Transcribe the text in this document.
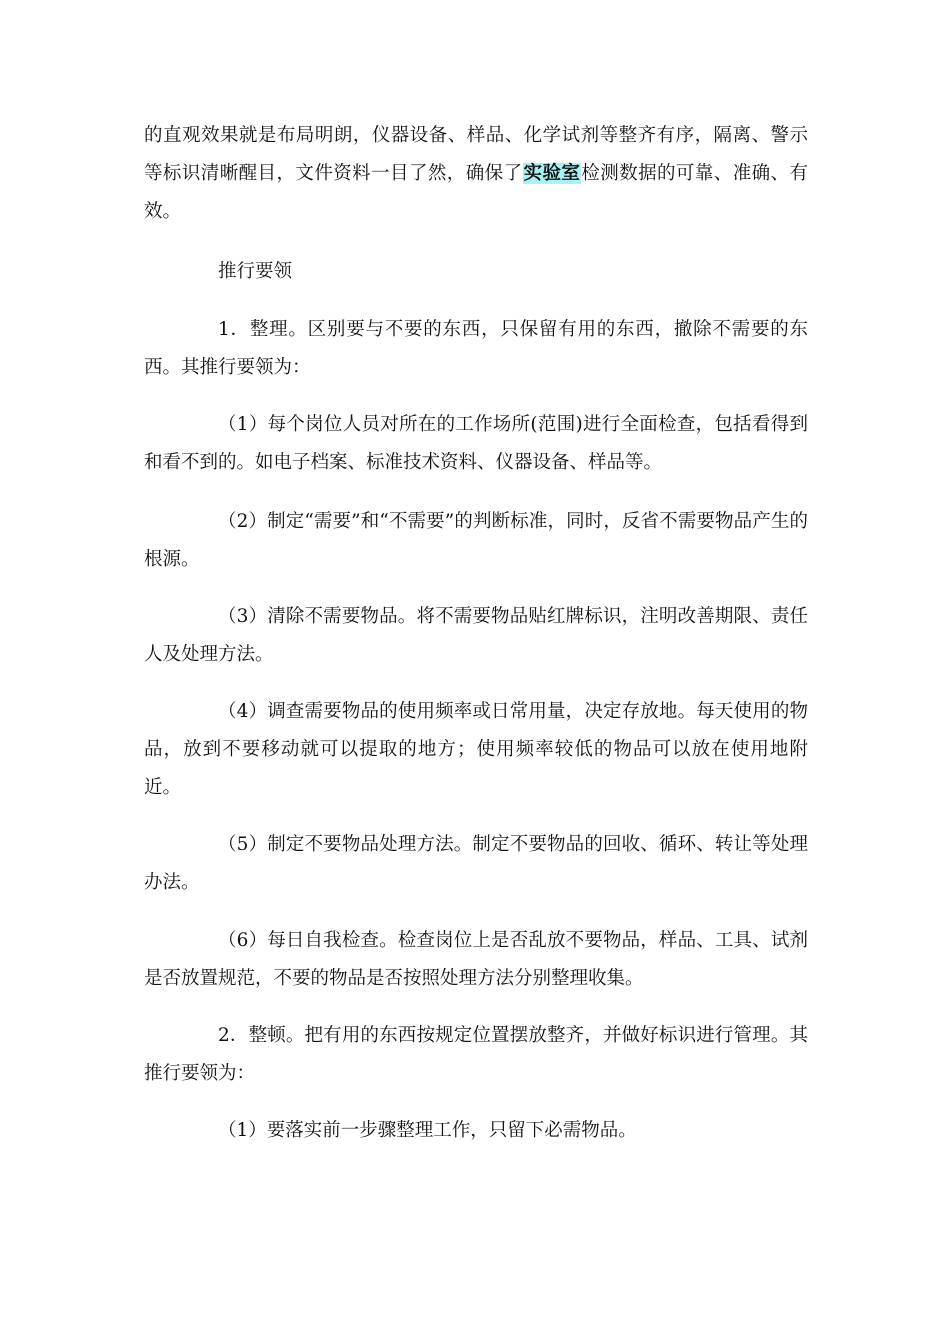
的直观效果就是布局明朗，仪器设备、样品、化学试剂等整齐有序，隔离、警示等标识清晰醒目，文件资料一目了然，确保了实验室检测数据的可靠、准确、有效。

推行要领

1．整理。区别要与不要的东西，只保留有用的东西，撤除不需要的东西。其推行要领为：

（1）每个岗位人员对所在的工作场所(范围)进行全面检查，包括看得到和看不到的。如电子档案、标准技术资料、仪器设备、样品等。

（2）制定“需要”和“不需要”的判断标准，同时，反省不需要物品产生的根源。

（3）清除不需要物品。将不需要物品贴红牌标识，注明改善期限、责任人及处理方法。

（4）调查需要物品的使用频率或日常用量，决定存放地。每天使用的物品，放到不要移动就可以提取的地方；使用频率较低的物品可以放在使用地附近。

（5）制定不要物品处理方法。制定不要物品的回收、循环、转让等处理办法。

（6）每日自我检查。检查岗位上是否乱放不要物品，样品、工具、试剂是否放置规范，不要的物品是否按照处理方法分别整理收集。

2．整顿。把有用的东西按规定位置摆放整齐，并做好标识进行管理。其推行要领为：

（1）要落实前一步骤整理工作，只留下必需物品。
